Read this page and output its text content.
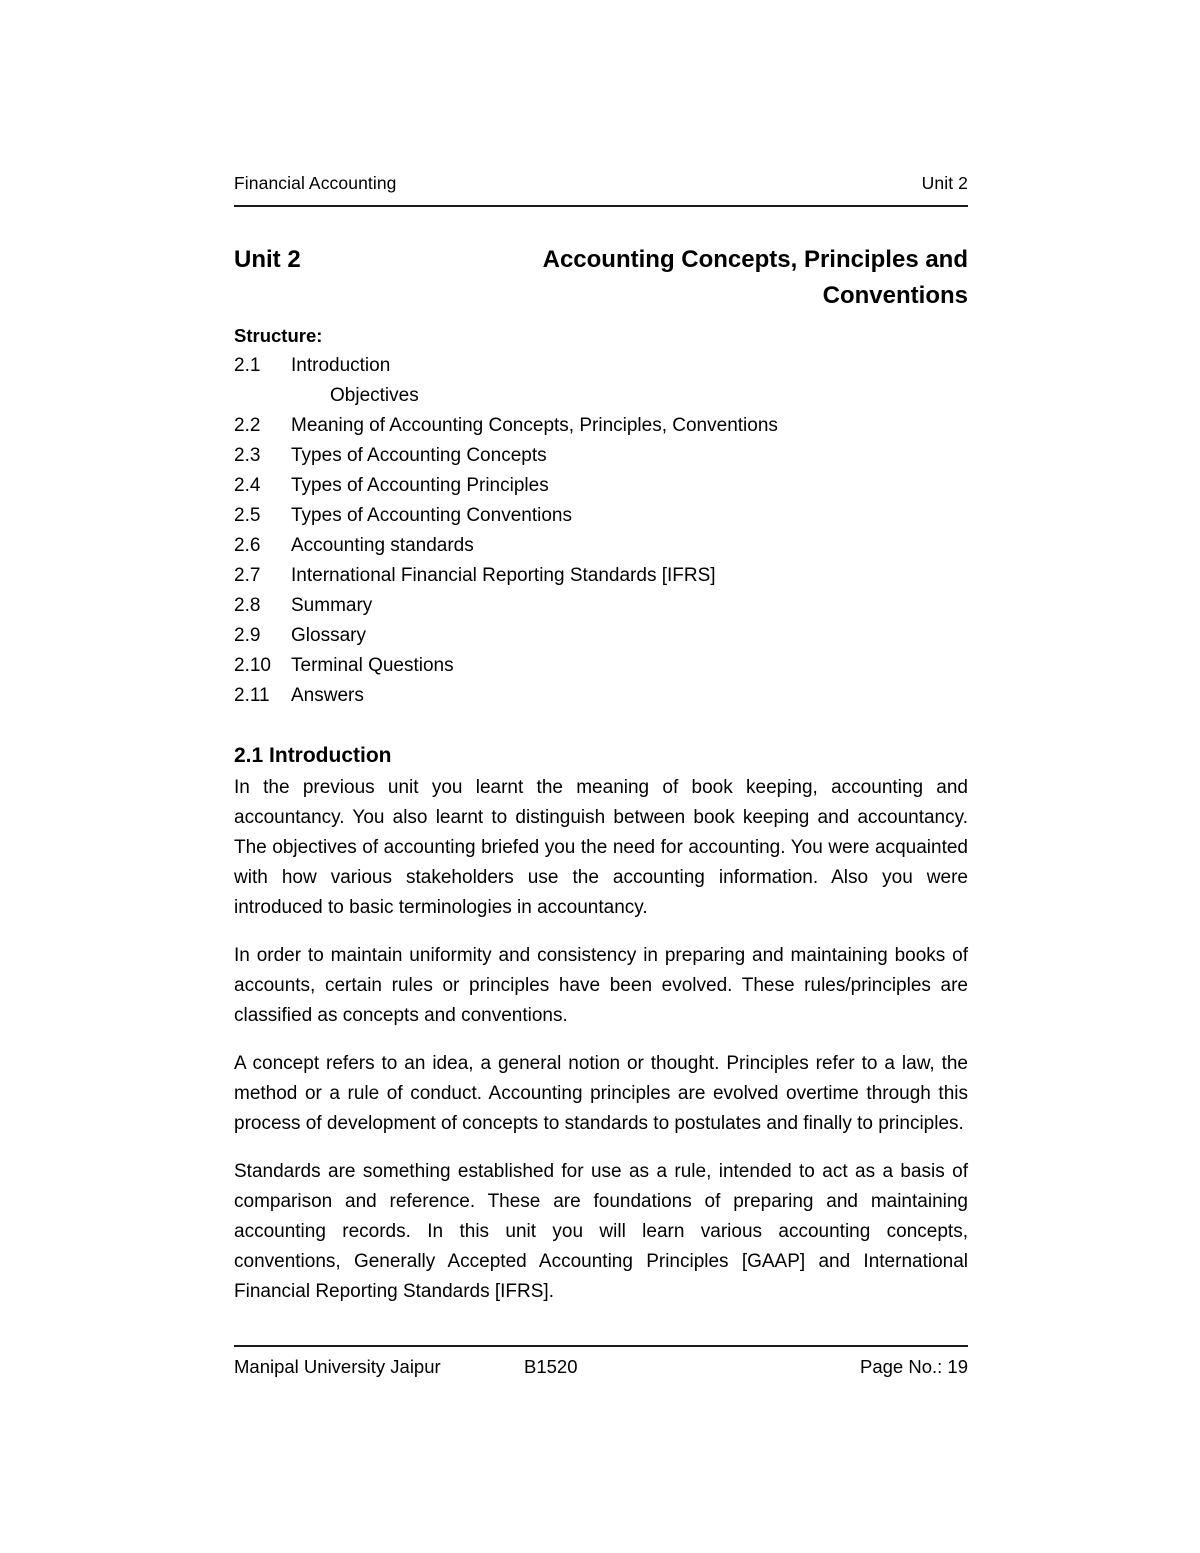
Financial Accounting	Unit 2
Unit 2	Accounting Concepts, Principles and Conventions
Structure:
2.1	Introduction
Objectives
2.2	Meaning of Accounting Concepts, Principles, Conventions
2.3	Types of Accounting Concepts
2.4	Types of Accounting Principles
2.5	Types of Accounting Conventions
2.6	Accounting standards
2.7	International Financial Reporting Standards [IFRS]
2.8	Summary
2.9	Glossary
2.10	Terminal Questions
2.11	Answers
2.1 Introduction

In the previous unit you learnt the meaning of book keeping, accounting and accountancy. You also learnt to distinguish between book keeping and accountancy. The objectives of accounting briefed you the need for accounting. You were acquainted with how various stakeholders use the accounting information. Also you were introduced to basic terminologies in accountancy.

In order to maintain uniformity and consistency in preparing and maintaining books of accounts, certain rules or principles have been evolved. These rules/principles are classified as concepts and conventions.

A concept refers to an idea, a general notion or thought. Principles refer to a law, the method or a rule of conduct. Accounting principles are evolved overtime through this process of development of concepts to standards to postulates and finally to principles.

Standards are something established for use as a rule, intended to act as a basis of comparison and reference. These are foundations of preparing and maintaining accounting records. In this unit you will learn various accounting concepts, conventions, Generally Accepted Accounting Principles [GAAP] and International Financial Reporting Standards [IFRS].

Manipal University Jaipur	B1520	Page No.: 19
